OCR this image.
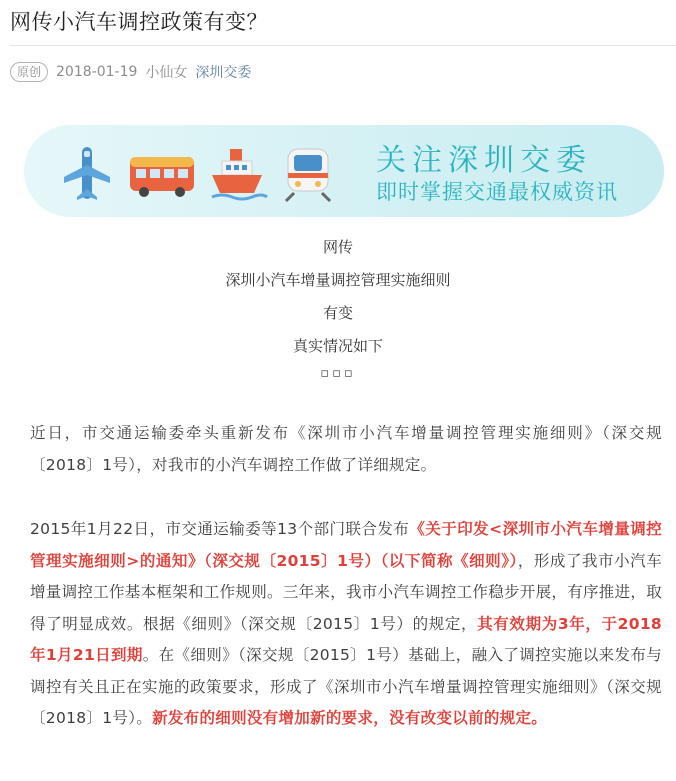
网传小汽车调控政策有变？
原创	2018-01-19 小仙女 深圳交委
关注深圳交委
即时掌握交通最权威资讯
网传
深圳小汽车增量调控管理实施细则
有变
真实情况如下
▫▫▫

近日，市交通运输委牵头重新发布《深圳市小汽车增量调控管理实施细则》（深交规〔2018〕1号），对我市的小汽车调控工作做了详细规定。

2015年1月22日，市交通运输委等13个部门联合发布《关于印发<深圳市小汽车增量调控管理实施细则>的通知》（深交规〔2015〕1号）（以下简称《细则》），形成了我市小汽车增量调控工作基本框架和工作规则。三年来，我市小汽车调控工作稳步开展，有序推进，取得了明显成效。根据《细则》（深交规〔2015〕1号）的规定，其有效期为3年，于2018年1月21日到期。在《细则》（深交规〔2015〕1号）基础上，融入了调控实施以来发布与调控有关且正在实施的政策要求，形成了《深圳市小汽车增量调控管理实施细则》（深交规〔2018〕1号）。新发布的细则没有增加新的要求，没有改变以前的规定。
